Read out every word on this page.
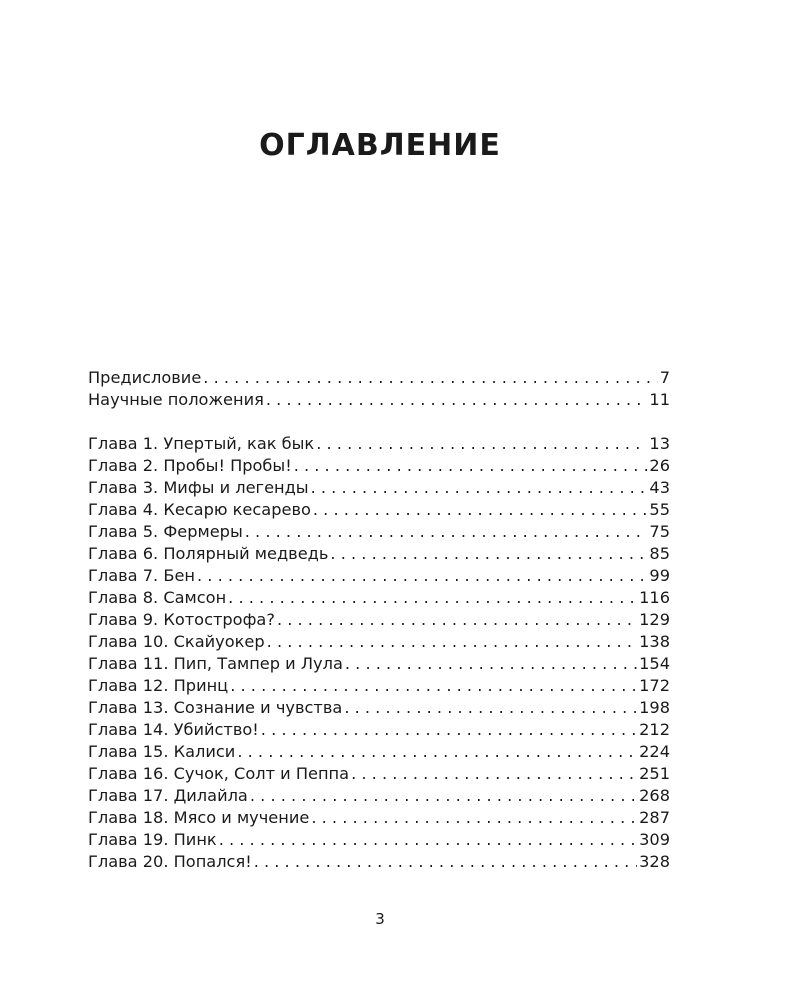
ОГЛАВЛЕНИЕ
Предисловие . . .	7
Научные положения . . .	11
Глава 1. Упертый, как бык . . .	13
Глава 2. Пробы! Пробы! . . .	26
Глава 3. Мифы и легенды . . .	43
Глава 4. Кесарю кесарево . . .	55
Глава 5. Фермеры . . .	75
Глава 6. Полярный медведь . . .	85
Глава 7. Бен . . .	99
Глава 8. Самсон . . .	116
Глава 9. Котострофа? . . .	129
Глава 10. Скайуокер . . .	138
Глава 11. Пип, Тампер и Лула . . .	154
Глава 12. Принц . . .	172
Глава 13. Сознание и чувства . . .	198
Глава 14. Убийство! . . .	212
Глава 15. Калиси . . .	224
Глава 16. Сучок, Солт и Пеппа . . .	251
Глава 17. Дилайла . . .	268
Глава 18. Мясо и мучение . . .	287
Глава 19. Пинк . . .	309
Глава 20. Попался! . . .	328
3
